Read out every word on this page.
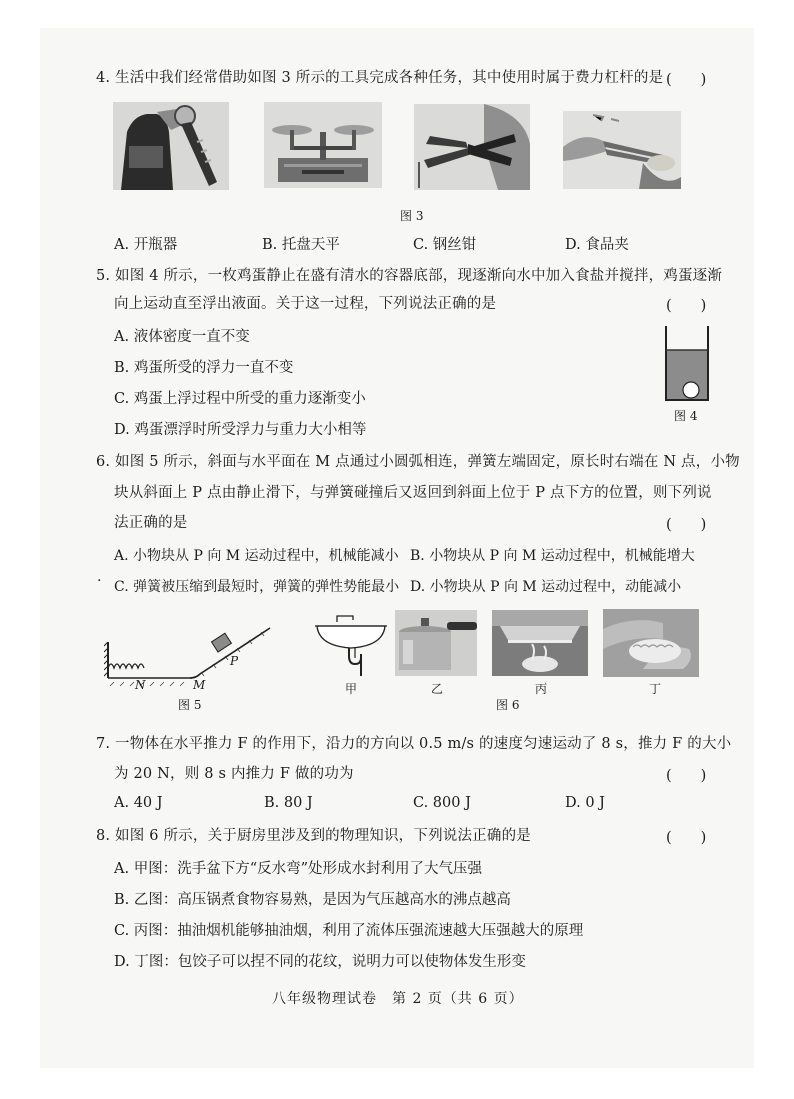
4. 生活中我们经常借助如图 3 所示的工具完成各种任务，其中使用时属于费力杠杆的是 (　　)
图 3
A. 开瓶器	B. 托盘天平	C. 钢丝钳	D. 食品夹
5. 如图 4 所示，一枚鸡蛋静止在盛有清水的容器底部，现逐渐向水中加入食盐并搅拌，鸡蛋逐渐
向上运动直至浮出液面。关于这一过程，下列说法正确的是	(　　)
A. 液体密度一直不变
B. 鸡蛋所受的浮力一直不变
C. 鸡蛋上浮过程中所受的重力逐渐变小
D. 鸡蛋漂浮时所受浮力与重力大小相等
图 4
6. 如图 5 所示，斜面与水平面在 M 点通过小圆弧相连，弹簧左端固定，原长时右端在 N 点，小物
块从斜面上 P 点由静止滑下，与弹簧碰撞后又返回到斜面上位于 P 点下方的位置，则下列说
法正确的是	(　　)
A. 小物块从 P 向 M 运动过程中，机械能减小 B. 小物块从 P 向 M 运动过程中，机械能增大
· C. 弹簧被压缩到最短时，弹簧的弹性势能最小 D. 小物块从 P 向 M 运动过程中，动能减小
N	M
P
图 5
甲	乙	丙	丁
图 6
7. 一物体在水平推力 F 的作用下，沿力的方向以 0.5 m/s 的速度匀速运动了 8 s，推力 F 的大小
为 20 N，则 8 s 内推力 F 做的功为	(　　)
A. 40 J	B. 80 J	C. 800 J	D. 0 J
8. 如图 6 所示，关于厨房里涉及到的物理知识，下列说法正确的是	(　　)
A. 甲图：洗手盆下方“反水弯”处形成水封利用了大气压强
B. 乙图：高压锅煮食物容易熟，是因为气压越高水的沸点越高
C. 丙图：抽油烟机能够抽油烟，利用了流体压强流速越大压强越大的原理
D. 丁图：包饺子可以捏不同的花纹，说明力可以使物体发生形变
八年级物理试卷　第 2 页（共 6 页）
